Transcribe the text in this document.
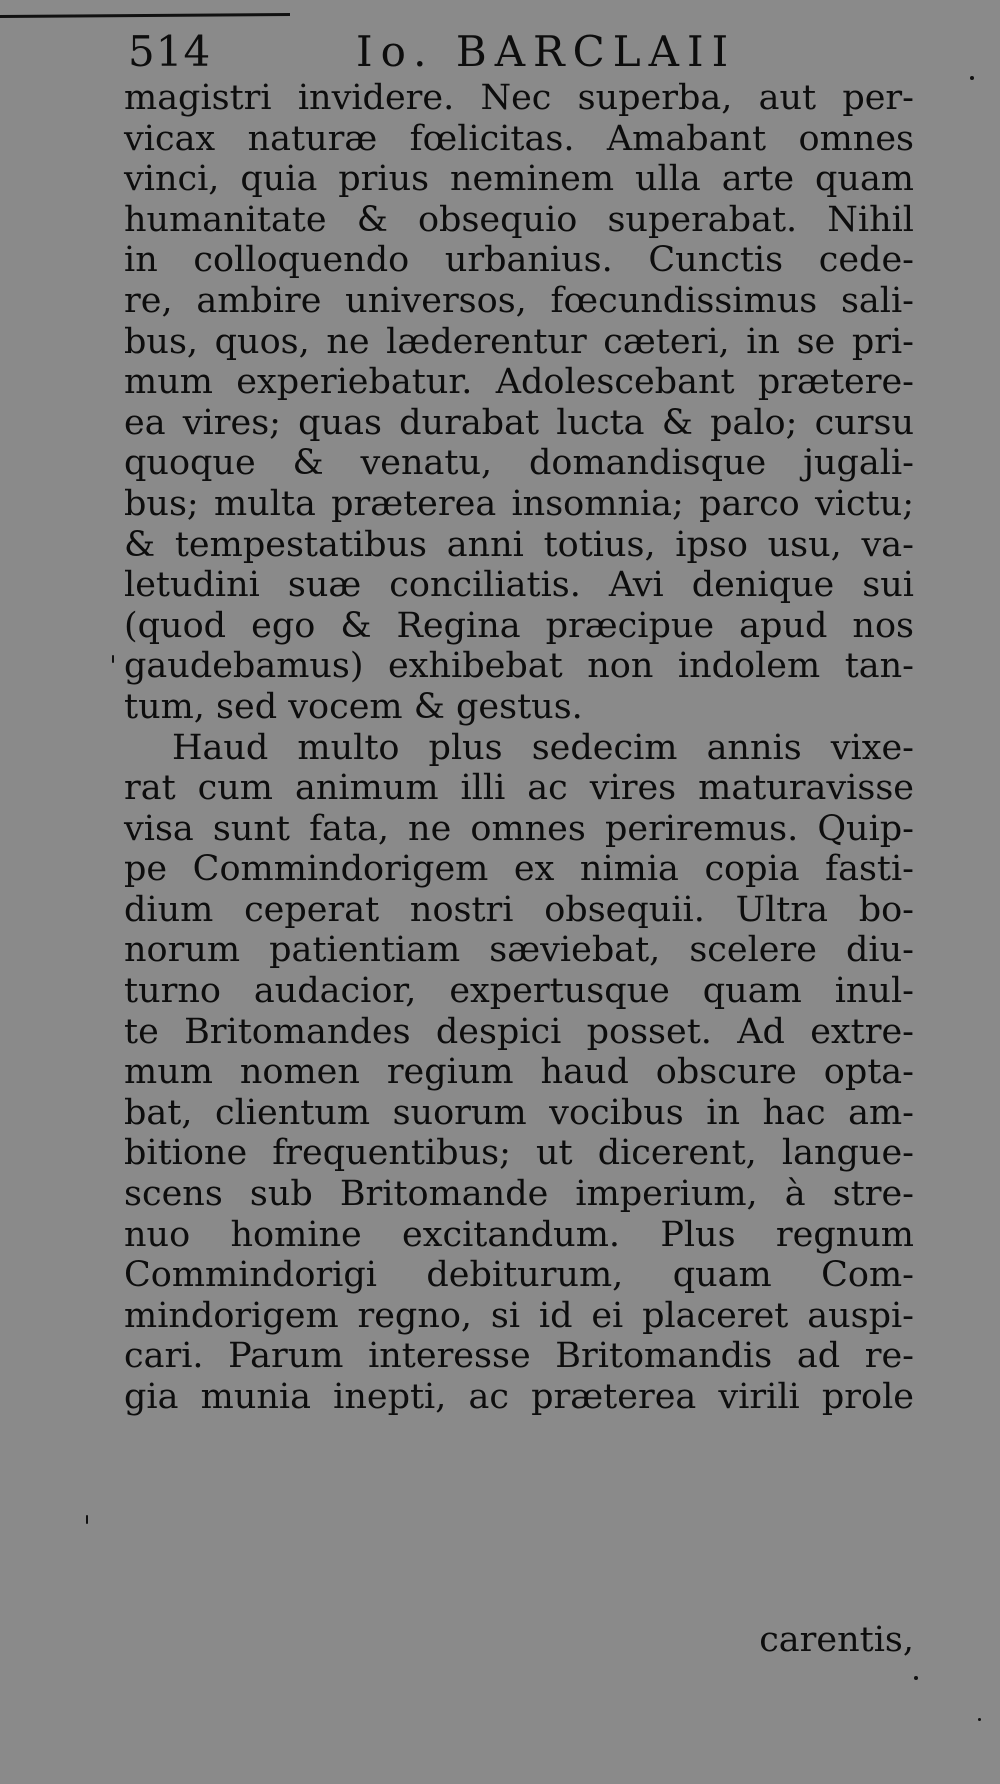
514	Io. BARCLAII
magistri invidere. Nec superba, aut per-
vicax naturæ fœlicitas. Amabant omnes
vinci, quia prius neminem ulla arte quam
humanitate & obsequio superabat. Nihil
in colloquendo urbanius. Cunctis cede-
re, ambire universos, fœcundissimus sali-
bus, quos, ne læderentur cæteri, in se pri-
mum experiebatur. Adolescebant prætere-
ea vires; quas durabat lucta & palo; cursu
quoque & venatu, domandisque jugali-
bus; multa præterea insomnia; parco victu;
& tempestatibus anni totius, ipso usu, va-
letudini suæ conciliatis. Avi denique sui
(quod ego & Regina præcipue apud nos
gaudebamus) exhibebat non indolem tan-
tum, sed vocem & gestus.
Haud multo plus sedecim annis vixe-
rat cum animum illi ac vires maturavisse
visa sunt fata, ne omnes periremus. Quip-
pe Commindorigem ex nimia copia fasti-
dium ceperat nostri obsequii. Ultra bo-
norum patientiam sæviebat, scelere diu-
turno audacior, expertusque quam inul-
te Britomandes despici posset. Ad extre-
mum nomen regium haud obscure opta-
bat, clientum suorum vocibus in hac am-
bitione frequentibus; ut dicerent, langue-
scens sub Britomande imperium, à stre-
nuo homine excitandum. Plus regnum
Commindorigi debiturum, quam Com-
mindorigem regno, si id ei placeret auspi-
cari. Parum interesse Britomandis ad re-
gia munia inepti, ac præterea virili prole
carentis,
